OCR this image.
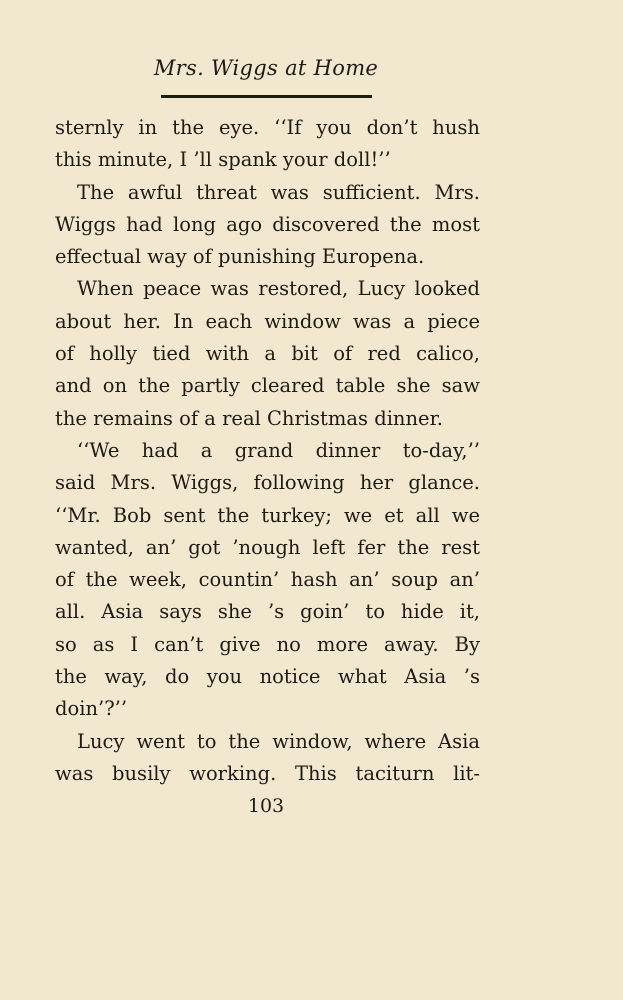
Mrs. Wiggs at Home
sternly in the eye. ‘‘If you don’t hush
this minute, I ’ll spank your doll!’’
The awful threat was sufficient. Mrs.
Wiggs had long ago discovered the most
effectual way of punishing Europena.
When peace was restored, Lucy looked
about her. In each window was a piece
of holly tied with a bit of red calico,
and on the partly cleared table she saw
the remains of a real Christmas dinner.
‘‘We had a grand dinner to-day,’’
said Mrs. Wiggs, following her glance.
‘‘Mr. Bob sent the turkey; we et all we
wanted, an’ got ’nough left fer the rest
of the week, countin’ hash an’ soup an’
all. Asia says she ’s goin’ to hide it,
so as I can’t give no more away. By
the way, do you notice what Asia ’s
doin’?’’
Lucy went to the window, where Asia
was busily working. This taciturn lit-
103
